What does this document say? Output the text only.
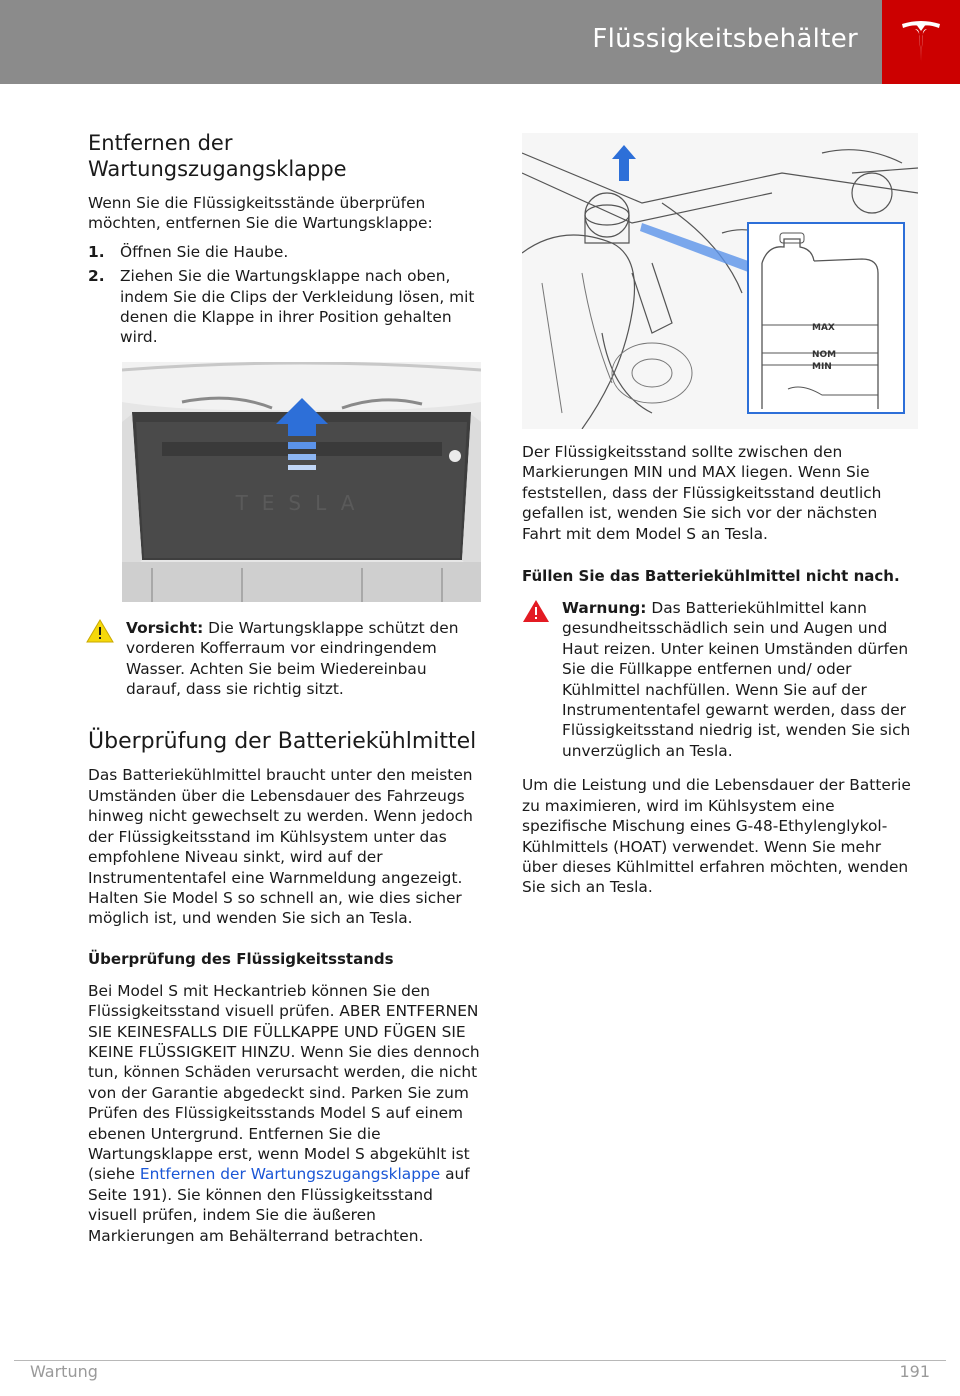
Flüssigkeitsbehälter
Entfernen der
Wartungszugangsklappe

Wenn Sie die Flüssigkeitsstände überprüfen möchten, entfernen Sie die Wartungsklappe:

1. Öffnen Sie die Haube.
2. Ziehen Sie die Wartungsklappe nach oben, indem Sie die Clips der Verkleidung lösen, mit denen die Klappe in ihrer Position gehalten wird.
Vorsicht: Die Wartungsklappe schützt den vorderen Kofferraum vor eindringendem Wasser. Achten Sie beim Wiedereinbau darauf, dass sie richtig sitzt.
Überprüfung der Batteriekühlmittel

Das Batteriekühlmittel braucht unter den meisten Umständen über die Lebensdauer des Fahrzeugs hinweg nicht gewechselt zu werden. Wenn jedoch der Flüssigkeitsstand im Kühlsystem unter das empfohlene Niveau sinkt, wird auf der Instrumententafel eine Warnmeldung angezeigt. Halten Sie Model S so schnell an, wie dies sicher möglich ist, und wenden Sie sich an Tesla.

Überprüfung des Flüssigkeitsstands

Bei Model S mit Heckantrieb können Sie den Flüssigkeitsstand visuell prüfen. ABER ENTFERNEN SIE KEINESFALLS DIE FÜLLKAPPE UND FÜGEN SIE KEINE FLÜSSIGKEIT HINZU. Wenn Sie dies dennoch tun, können Schäden verursacht werden, die nicht von der Garantie abgedeckt sind. Parken Sie zum Prüfen des Flüssigkeitsstands Model S auf einem ebenen Untergrund. Entfernen Sie die Wartungsklappe erst, wenn Model S abgekühlt ist (siehe Entfernen der Wartungszugangsklappe auf Seite 191). Sie können den Flüssigkeitsstand visuell prüfen, indem Sie die äußeren Markierungen am Behälterrand betrachten.

TESLA
MAX
NOM
MIN

Der Flüssigkeitsstand sollte zwischen den Markierungen MIN und MAX liegen. Wenn Sie feststellen, dass der Flüssigkeitsstand deutlich gefallen ist, wenden Sie sich vor der nächsten Fahrt mit dem Model S an Tesla.

Füllen Sie das Batteriekühlmittel nicht nach.
Warnung: Das Batteriekühlmittel kann gesundheitsschädlich sein und Augen und Haut reizen. Unter keinen Umständen dürfen Sie die Füllkappe entfernen und/ oder Kühlmittel nachfüllen. Wenn Sie auf der Instrumententafel gewarnt werden, dass der Flüssigkeitsstand niedrig ist, wenden Sie sich unverzüglich an Tesla.

Um die Leistung und die Lebensdauer der Batterie zu maximieren, wird im Kühlsystem eine spezifische Mischung eines G-48-Ethylenglykol-Kühlmittels (HOAT) verwendet. Wenn Sie mehr über dieses Kühlmittel erfahren möchten, wenden Sie sich an Tesla.

Wartung	191
